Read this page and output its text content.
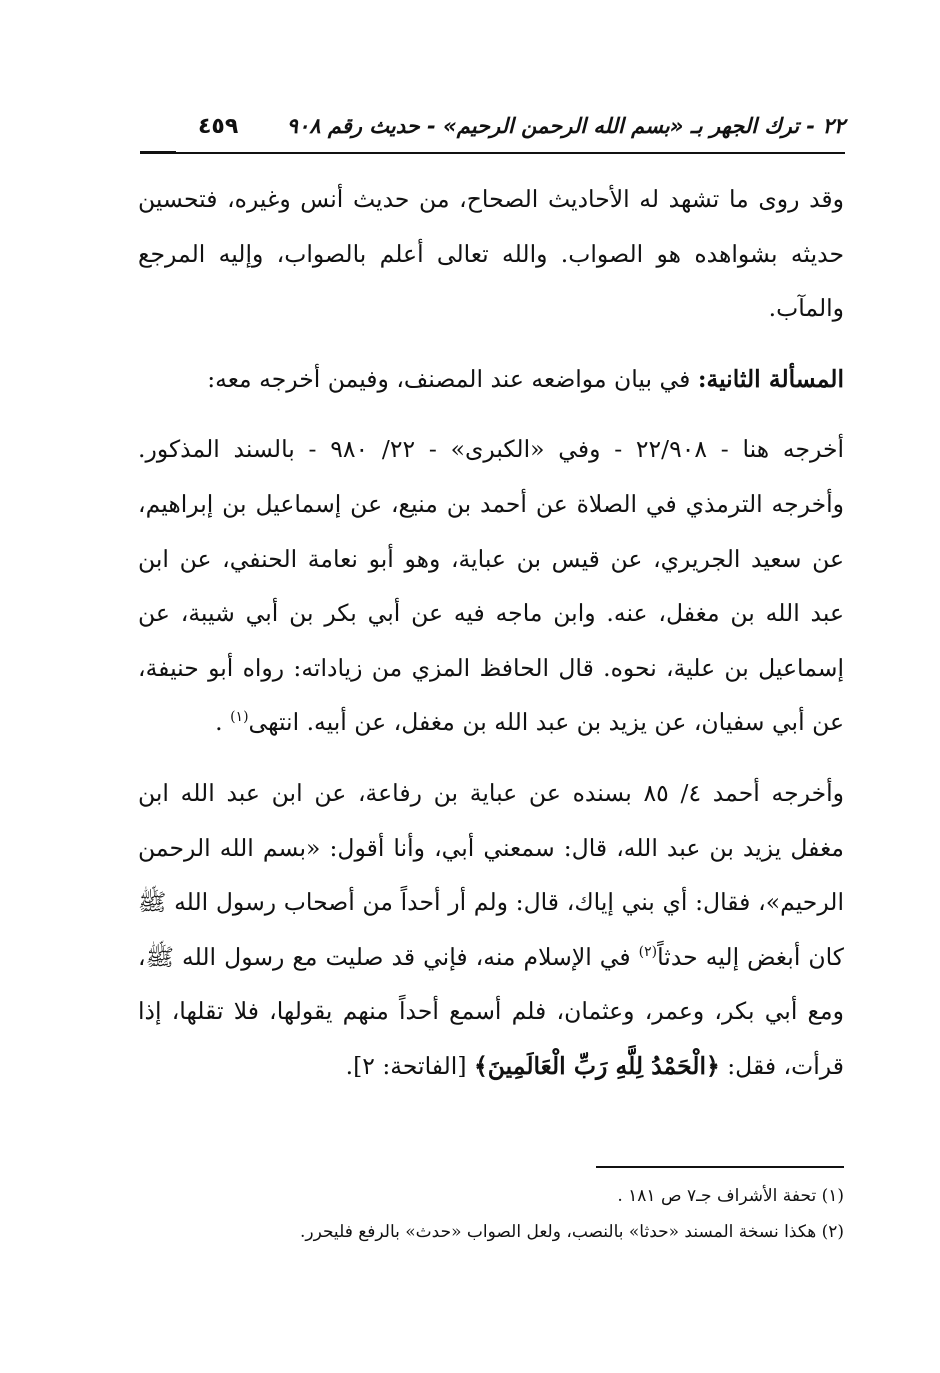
٢٢ - ترك الجهر بـ «بسم الله الرحمن الرحيم» - حديث رقم ٩٠٨
٤٥٩

وقد روى ما تشهد له الأحاديث الصحاح، من حديث أنس وغيره، فتحسين حديثه بشواهده هو الصواب. والله تعالى أعلم بالصواب، وإليه المرجع والمآب.

المسألة الثانية: في بيان مواضعه عند المصنف، وفيمن أخرجه معه:

أخرجه هنا - ٢٢/٩٠٨ - وفي «الكبرى» - ٢٢/ ٩٨٠ - بالسند المذكور. وأخرجه الترمذي في الصلاة عن أحمد بن منيع، عن إسماعيل بن إبراهيم، عن سعيد الجريري، عن قيس بن عباية، وهو أبو نعامة الحنفي، عن ابن عبد الله بن مغفل، عنه. وابن ماجه فيه عن أبي بكر بن أبي شيبة، عن إسماعيل بن علية، نحوه. قال الحافظ المزي من زياداته: رواه أبو حنيفة، عن أبي سفيان، عن يزيد بن عبد الله بن مغفل، عن أبيه. انتهى$^{(١)}$ .

وأخرجه أحمد ٤/ ٨٥ بسنده عن عباية بن رفاعة، عن ابن عبد الله ابن مغفل يزيد بن عبد الله، قال: سمعني أبي، وأنا أقول: «بسم الله الرحمن الرحيم»، فقال: أي بني إياك، قال: ولم أر أحداً من أصحاب رسول الله ﷺ كان أبغض إليه حدثاً$^{(٢)}$ في الإسلام منه، فإني قد صليت مع رسول الله ﷺ، ومع أبي بكر، وعمر، وعثمان، فلم أسمع أحداً منهم يقولها، فلا تقلها، إذا قرأت، فقل: ﴿الْحَمْدُ لِلَّهِ رَبِّ الْعَالَمِينَ﴾ [الفاتحة: ٢].

(١) تحفة الأشراف جـ٧ ص ١٨١ .

(٢) هكذا نسخة المسند «حدثا» بالنصب، ولعل الصواب «حدث» بالرفع فليحرر.
